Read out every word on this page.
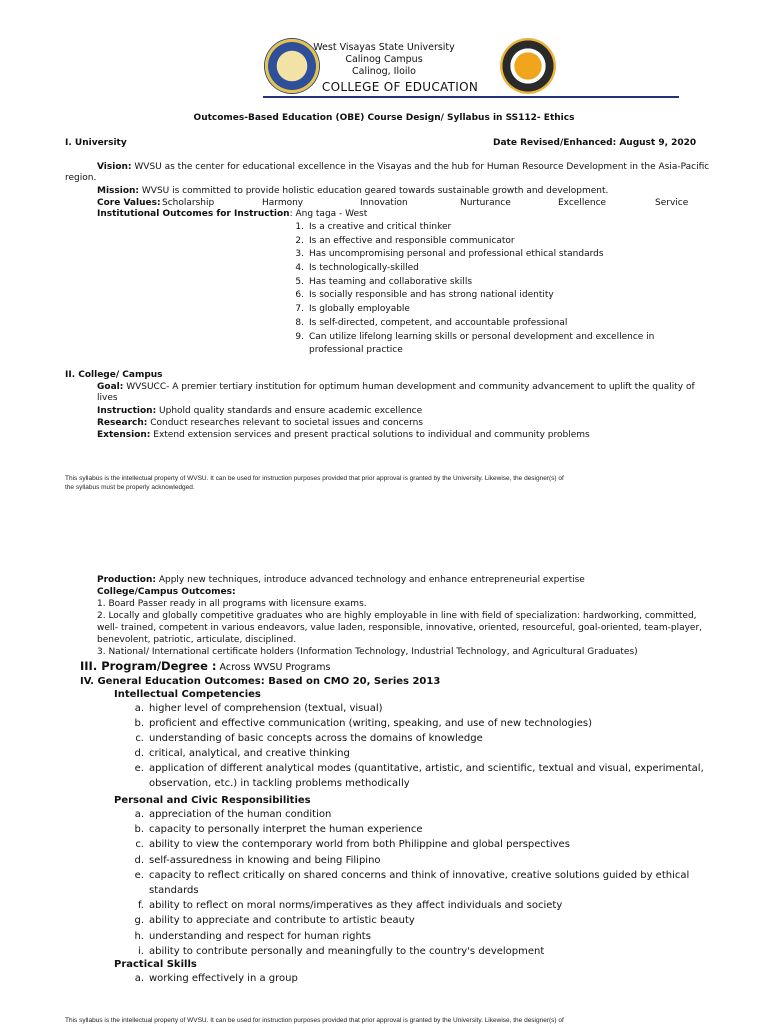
West Visayas State University
Calinog Campus
Calinog, Iloilo
COLLEGE OF EDUCATION
Outcomes-Based Education (OBE) Course Design/ Syllabus in SS112- Ethics
I. University	Date Revised/Enhanced: August 9, 2020
Vision: WVSU as the center for educational excellence in the Visayas and the hub for Human Resource Development in the Asia-Pacific
region.
Mission: WVSU is committed to provide holistic education geared towards sustainable growth and development.
Core Values: Scholarship	Harmony	Innovation	Nurturance	Excellence	Service
Institutional Outcomes for Instruction: Ang taga - West
1. Is a creative and critical thinker
2. Is an effective and responsible communicator
3. Has uncompromising personal and professional ethical standards
4. Is technologically-skilled
5. Has teaming and collaborative skills
6. Is socially responsible and has strong national identity
7. Is globally employable
8. Is self-directed, competent, and accountable professional
9. Can utilize lifelong learning skills or personal development and excellence in
professional practice
II. College/ Campus
Goal: WVSUCC- A premier tertiary institution for optimum human development and community advancement to uplift the quality of
lives
Instruction: Uphold quality standards and ensure academic excellence
Research: Conduct researches relevant to societal issues and concerns
Extension: Extend extension services and present practical solutions to individual and community problems
This syllabus is the intellectual property of WVSU. It can be used for instruction purposes provided that prior approval is granted by the University. Likewise, the designer(s) of
the syllabus must be properly acknowledged.
Production: Apply new techniques, introduce advanced technology and enhance entrepreneurial expertise
College/Campus Outcomes:
1. Board Passer ready in all programs with licensure exams.
2. Locally and globally competitive graduates who are highly employable in line with field of specialization: hardworking, committed,
well- trained, competent in various endeavors, value laden, responsible, innovative, oriented, resourceful, goal-oriented, team-player,
benevolent, patriotic, articulate, disciplined.
3. National/ International certificate holders (Information Technology, Industrial Technology, and Agricultural Graduates)
III. Program/Degree : Across WVSU Programs
IV. General Education Outcomes: Based on CMO 20, Series 2013
Intellectual Competencies
a. higher level of comprehension (textual, visual)
b. proficient and effective communication (writing, speaking, and use of new technologies)
c. understanding of basic concepts across the domains of knowledge
d. critical, analytical, and creative thinking
e. application of different analytical modes (quantitative, artistic, and scientific, textual and visual, experimental,
observation, etc.) in tackling problems methodically
Personal and Civic Responsibilities
a. appreciation of the human condition
b. capacity to personally interpret the human experience
c. ability to view the contemporary world from both Philippine and global perspectives
d. self-assuredness in knowing and being Filipino
e. capacity to reflect critically on shared concerns and think of innovative, creative solutions guided by ethical
standards
f. ability to reflect on moral norms/imperatives as they affect individuals and society
g. ability to appreciate and contribute to artistic beauty
h. understanding and respect for human rights
i. ability to contribute personally and meaningfully to the country's development
Practical Skills
a. working effectively in a group
This syllabus is the intellectual property of WVSU. It can be used for instruction purposes provided that prior approval is granted by the University. Likewise, the designer(s) of
